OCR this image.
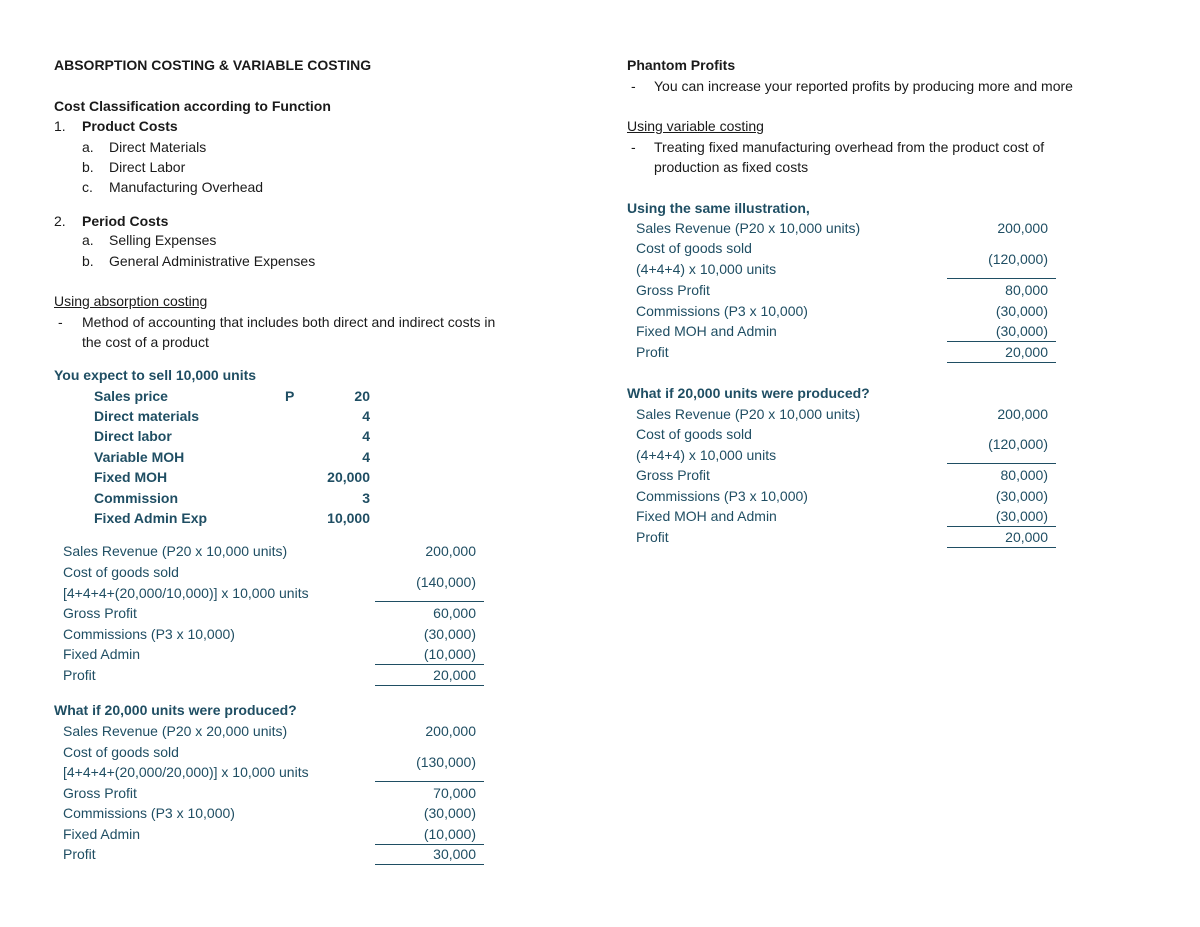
ABSORPTION COSTING & VARIABLE COSTING
Cost Classification according to Function
1. Product Costs
a. Direct Materials
b. Direct Labor
c. Manufacturing Overhead
2. Period Costs
a. Selling Expenses
b. General Administrative Expenses
Using absorption costing
- Method of accounting that includes both direct and indirect costs in
the cost of a product
You expect to sell 10,000 units
Sales price	P	20
Direct materials	4
Direct labor	4
Variable MOH	4
Fixed MOH	20,000
Commission	3
Fixed Admin Exp	10,000
Sales Revenue (P20 x 10,000 units)	200,000
Cost of goods sold
[4+4+4+(20,000/10,000)] x 10,000 units
(140,000)
Gross Profit	60,000
Commissions (P3 x 10,000)	(30,000)
Fixed Admin	(10,000)
Profit	20,000
What if 20,000 units were produced?
Sales Revenue (P20 x 20,000 units)	200,000
Cost of goods sold
[4+4+4+(20,000/20,000)] x 10,000 units
(130,000)
Gross Profit	70,000
Commissions (P3 x 10,000)	(30,000)
Fixed Admin	(10,000)
Profit	30,000
Phantom Profits
- You can increase your reported profits by producing more and more
Using variable costing
- Treating fixed manufacturing overhead from the product cost of
production as fixed costs
Using the same illustration,
Sales Revenue (P20 x 10,000 units)	200,000
Cost of goods sold
(4+4+4) x 10,000 units
(120,000)
Gross Profit	80,000
Commissions (P3 x 10,000)	(30,000)
Fixed MOH and Admin	(30,000)
Profit	20,000
What if 20,000 units were produced?
Sales Revenue (P20 x 10,000 units)	200,000
Cost of goods sold
(4+4+4) x 10,000 units
(120,000)
Gross Profit	80,000)
Commissions (P3 x 10,000)	(30,000)
Fixed MOH and Admin	(30,000)
Profit	20,000
